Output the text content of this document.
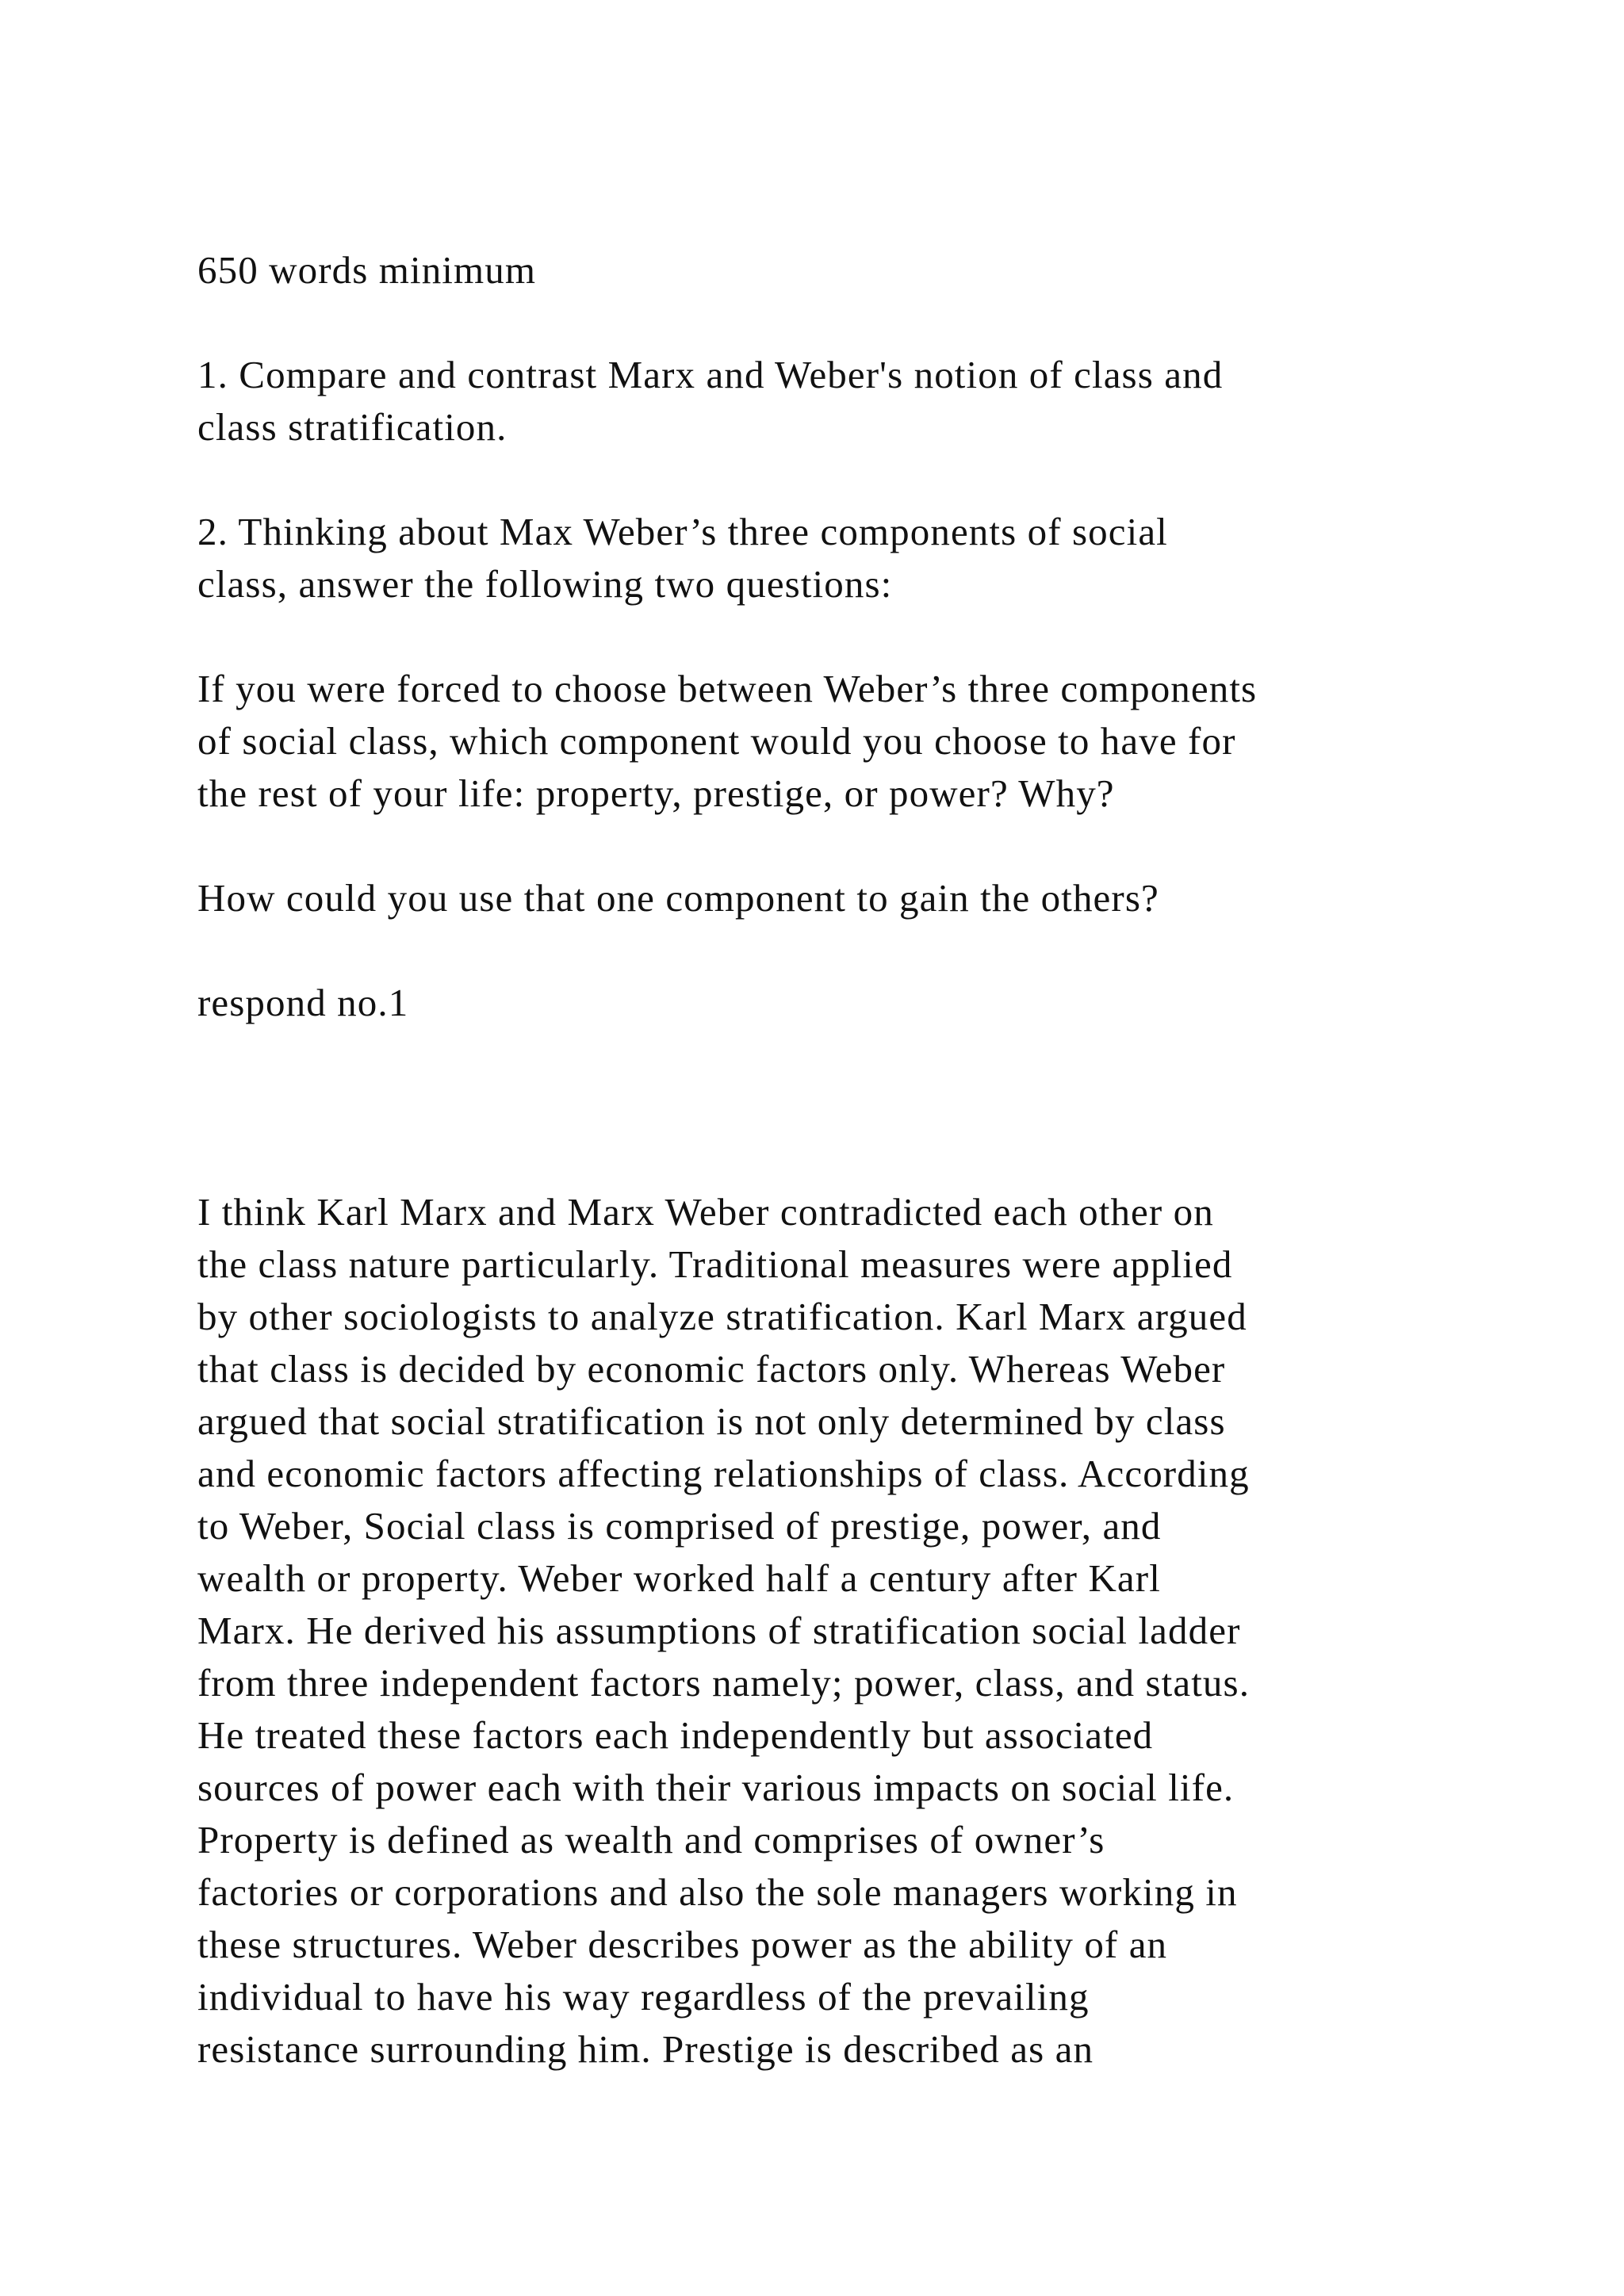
650 words minimum

1. Compare and contrast Marx and Weber's notion of class and

class stratification.

2. Thinking about Max Weber’s three components of social

class, answer the following two questions:

If you were forced to choose between Weber’s three components

of social class, which component would you choose to have for

the rest of your life: property, prestige, or power? Why?

How could you use that one component to gain the others?

respond no.1

I think Karl Marx and Marx Weber contradicted each other on

the class nature particularly. Traditional measures were applied

by other sociologists to analyze stratification. Karl Marx argued

that class is decided by economic factors only. Whereas Weber

argued that social stratification is not only determined by class

and economic factors affecting relationships of class. According

to Weber, Social class is comprised of prestige, power, and

wealth or property. Weber worked half a century after Karl

Marx. He derived his assumptions of stratification social ladder

from three independent factors namely; power, class, and status.

He treated these factors each independently but associated

sources of power each with their various impacts on social life.

Property is defined as wealth and comprises of owner’s

factories or corporations and also the sole managers working in

these structures. Weber describes power as the ability of an

individual to have his way regardless of the prevailing

resistance surrounding him. Prestige is described as an
